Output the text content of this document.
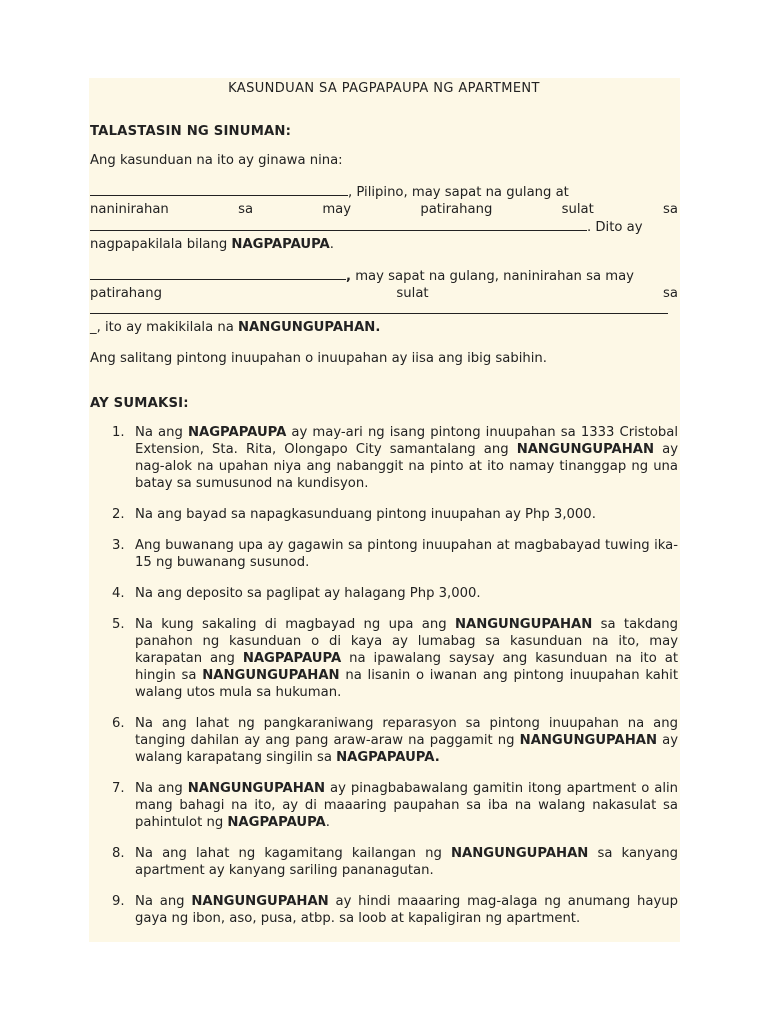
KASUNDUAN SA PAGPAPAUPA NG APARTMENT
TALASTASIN NG SINUMAN:
Ang kasunduan na ito ay ginawa nina:
, Pilipino, may sapat na gulang at
naninirahan sa may patirahang sulat sa
. Dito ay
nagpapakilala bilang NAGPAPAUPA.
, may sapat na gulang, naninirahan sa may
patirahang sulat sa
_, ito ay makikilala na NANGUNGUPAHAN.
Ang salitang pintong inuupahan o inuupahan ay iisa ang ibig sabihin.
AY SUMAKSI:
1. Na ang NAGPAPAUPA ay may-ari ng isang pintong inuupahan sa 1333 Cristobal Extension, Sta. Rita, Olongapo City samantalang ang NANGUNGUPAHAN ay nag-alok na upahan niya ang nabanggit na pinto at ito namay tinanggap ng una batay sa sumusunod na kundisyon.
2. Na ang bayad sa napagkasunduang pintong inuupahan ay Php 3,000.
3. Ang buwanang upa ay gagawin sa pintong inuupahan at magbabayad tuwing ika-15 ng buwanang susunod.
4. Na ang deposito sa paglipat ay halagang Php 3,000.
5. Na kung sakaling di magbayad ng upa ang NANGUNGUPAHAN sa takdang panahon ng kasunduan o di kaya ay lumabag sa kasunduan na ito, may karapatan ang NAGPAPAUPA na ipawalang saysay ang kasunduan na ito at hingin sa NANGUNGUPAHAN na lisanin o iwanan ang pintong inuupahan kahit walang utos mula sa hukuman.
6. Na ang lahat ng pangkaraniwang reparasyon sa pintong inuupahan na ang tanging dahilan ay ang pang araw-araw na paggamit ng NANGUNGUPAHAN ay walang karapatang singilin sa NAGPAPAUPA.
7. Na ang NANGUNGUPAHAN ay pinagbabawalang gamitin itong apartment o alin mang bahagi na ito, ay di maaaring paupahan sa iba na walang nakasulat sa pahintulot ng NAGPAPAUPA.
8. Na ang lahat ng kagamitang kailangan ng NANGUNGUPAHAN sa kanyang apartment ay kanyang sariling pananagutan.
9. Na ang NANGUNGUPAHAN ay hindi maaaring mag-alaga ng anumang hayup gaya ng ibon, aso, pusa, atbp. sa loob at kapaligiran ng apartment.
